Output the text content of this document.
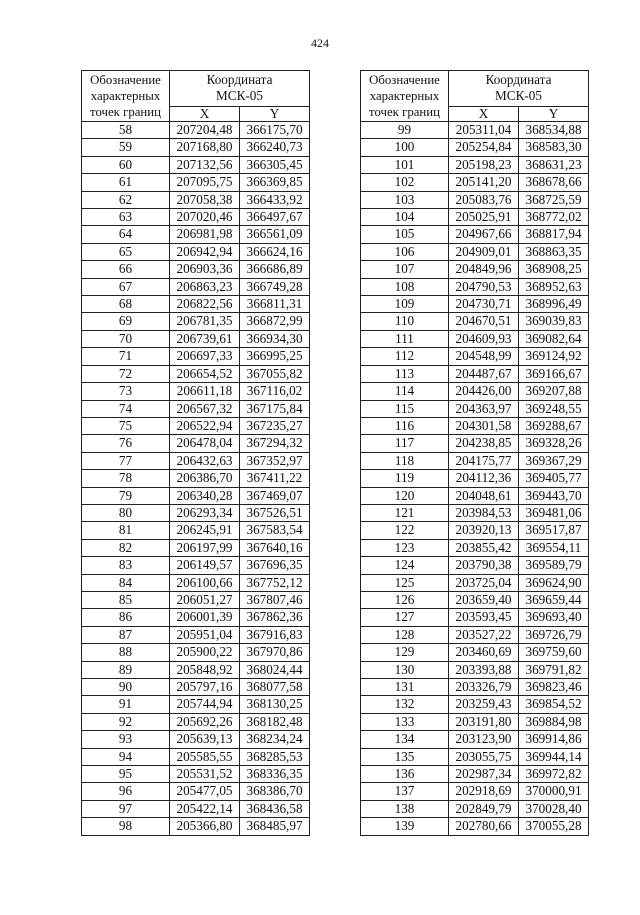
424
Обозначение
характерных
точек границ	Координата
МСК-05	
	X	Y
58	207204,48	366175,70
59	207168,80	366240,73
60	207132,56	366305,45
61	207095,75	366369,85
62	207058,38	366433,92
63	207020,46	366497,67
64	206981,98	366561,09
65	206942,94	366624,16
66	206903,36	366686,89
67	206863,23	366749,28
68	206822,56	366811,31
69	206781,35	366872,99
70	206739,61	366934,30
71	206697,33	366995,25
72	206654,52	367055,82
73	206611,18	367116,02
74	206567,32	367175,84
75	206522,94	367235,27
76	206478,04	367294,32
77	206432,63	367352,97
78	206386,70	367411,22
79	206340,28	367469,07
80	206293,34	367526,51
81	206245,91	367583,54
82	206197,99	367640,16
83	206149,57	367696,35
84	206100,66	367752,12
85	206051,27	367807,46
86	206001,39	367862,36
87	205951,04	367916,83
88	205900,22	367970,86
89	205848,92	368024,44
90	205797,16	368077,58
91	205744,94	368130,25
92	205692,26	368182,48
93	205639,13	368234,24
94	205585,55	368285,53
95	205531,52	368336,35
96	205477,05	368386,70
97	205422,14	368436,58
98	205366,80	368485,97
Обозначение
характерных
точек границ	Координата
МСК-05	
	X	Y
99	205311,04	368534,88
100	205254,84	368583,30
101	205198,23	368631,23
102	205141,20	368678,66
103	205083,76	368725,59
104	205025,91	368772,02
105	204967,66	368817,94
106	204909,01	368863,35
107	204849,96	368908,25
108	204790,53	368952,63
109	204730,71	368996,49
110	204670,51	369039,83
111	204609,93	369082,64
112	204548,99	369124,92
113	204487,67	369166,67
114	204426,00	369207,88
115	204363,97	369248,55
116	204301,58	369288,67
117	204238,85	369328,26
118	204175,77	369367,29
119	204112,36	369405,77
120	204048,61	369443,70
121	203984,53	369481,06
122	203920,13	369517,87
123	203855,42	369554,11
124	203790,38	369589,79
125	203725,04	369624,90
126	203659,40	369659,44
127	203593,45	369693,40
128	203527,22	369726,79
129	203460,69	369759,60
130	203393,88	369791,82
131	203326,79	369823,46
132	203259,43	369854,52
133	203191,80	369884,98
134	203123,90	369914,86
135	203055,75	369944,14
136	202987,34	369972,82
137	202918,69	370000,91
138	202849,79	370028,40
139	202780,66	370055,28
